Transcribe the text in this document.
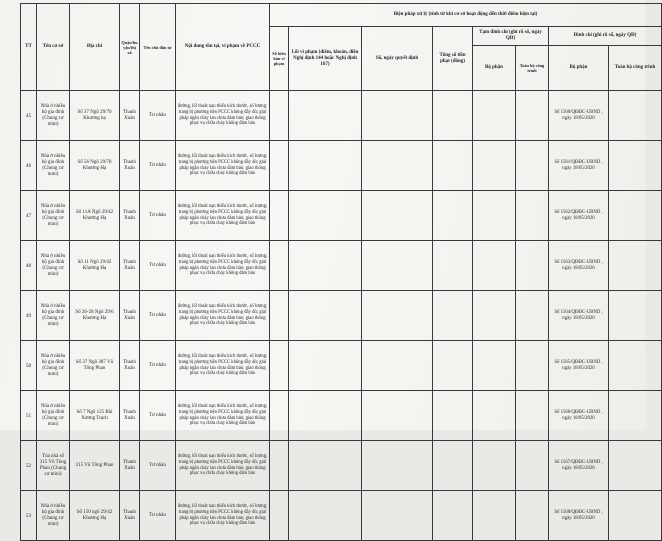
TT	Tên cơ sở	Địa chỉ	Quận/huyện/thị xã	Tên chủ đầu tư	Nội dung tồn tại, vi phạm về PCCC	Biện pháp xử lý (tính từ khi cơ sở hoạt động đến thời điểm hiện tại)							
						Số biên bản vi phạm	Lỗi vi phạm (điểm, khoản, điều Nghị định 144 hoặc Nghị định 167)	Số, ngày quyết định	Tổng số tiền phạt (đồng)	Tạm đình chỉ (ghi rõ số, ngày QĐ)		Đình chỉ (ghi rõ số, ngày QĐ)	
										Bộ phận	Toàn bộ công trình	Bộ phận	Toàn bộ công trình
45	Nhà ở nhiều hộ gia đình (Chung cư mini)	Số 37 Ngõ 29/70 Khương hạ	Thanh Xuân	Tư nhân	đường, lối thoát nạn thiếu kích thước, số lượng; trang bị phương tiện PCCC không đầy đủ; giải pháp ngăn cháy lan chưa đảm bảo; giao thông phục vụ chữa cháy không đảm bảo							Số 1560/QĐĐC-UBND , ngày 18/05/2020	
46	Nhà ở nhiều hộ gia đình (Chung cư mini)	Số 56 Ngõ 29/78 Khương Hạ	Thanh Xuân	Tư nhân	đường, lối thoát nạn thiếu kích thước, số lượng; trang bị phương tiện PCCC không đầy đủ; giải pháp ngăn cháy lan chưa đảm bảo; giao thông phục vụ chữa cháy không đảm bảo							Số 1561/QĐĐC-UBND , ngày 18/05/2020	
47	Nhà ở nhiều hộ gia đình (Chung cư mini)	Số 11A Ngõ 29/42 Khương Hạ	Thanh Xuân	Tư nhân	đường, lối thoát nạn thiếu kích thước, số lượng; trang bị phương tiện PCCC không đầy đủ; giải pháp ngăn cháy lan chưa đảm bảo; giao thông phục vụ chữa cháy không đảm bảo							Số 1562/QĐĐC-UBND , ngày 18/05/2020	
48	Nhà ở nhiều hộ gia đình (Chung cư mini)	Số 11 Ngõ 29/42 Khương Hạ	Thanh Xuân	Tư nhân	đường, lối thoát nạn thiếu kích thước, số lượng; trang bị phương tiện PCCC không đầy đủ; giải pháp ngăn cháy lan chưa đảm bảo; giao thông phục vụ chữa cháy không đảm bảo							Số 1563/QĐĐC-UBND , ngày 18/05/2020	
49	Nhà ở nhiều hộ gia đình (Chung cư mini)	Số 26-28 Ngõ 29/6 Khương Hạ	Thanh Xuân	Tư nhân	đường, lối thoát nạn thiếu kích thước, số lượng; trang bị phương tiện PCCC không đầy đủ; giải pháp ngăn cháy lan chưa đảm bảo; giao thông phục vụ chữa cháy không đảm bảo							Số 1564/QĐĐC-UBND , ngày 18/05/2020	
50	Nhà ở nhiều hộ gia đình (Chung cư mini)	Số 37 Ngõ 387 Vũ Tông Phan	Thanh Xuân	Tư nhân	đường, lối thoát nạn thiếu kích thước, số lượng; trang bị phương tiện PCCC không đầy đủ; giải pháp ngăn cháy lan chưa đảm bảo; giao thông phục vụ chữa cháy không đảm bảo							Số 1565/QĐĐC-UBND , ngày 18/05/2020	
51	Nhà ở nhiều hộ gia đình (Chung cư mini)	Số 7 Ngõ 125 Bùi Xương Trạch	Thanh Xuân	Tư nhân	đường, lối thoát nạn thiếu kích thước, số lượng; trang bị phương tiện PCCC không đầy đủ; giải pháp ngăn cháy lan chưa đảm bảo; giao thông phục vụ chữa cháy không đảm bảo							Số 1566/QĐĐC-UBND , ngày 18/05/2020	
52	Tòa nhà số 315 Vũ Tông Phan (Chung cư mini)	315 Vũ Tông Phan	Thanh Xuân	Tư nhân	đường, lối thoát nạn thiếu kích thước, số lượng; trang bị phương tiện PCCC không đầy đủ; giải pháp ngăn cháy lan chưa đảm bảo; giao thông phục vụ chữa cháy không đảm bảo							Số 1567/QĐĐC-UBND , ngày 18/05/2020	
53	Nhà ở nhiều hộ gia đình (Chung cư mini)	Số 150 ngõ 29/42 Khương Hạ	Thanh Xuân	Tư nhân	đường, lối thoát nạn thiếu kích thước, số lượng; trang bị phương tiện PCCC không đầy đủ; giải pháp ngăn cháy lan chưa đảm bảo; giao thông phục vụ chữa cháy không đảm bảo							Số 1568/QĐĐC-UBND , ngày 18/05/2020	
